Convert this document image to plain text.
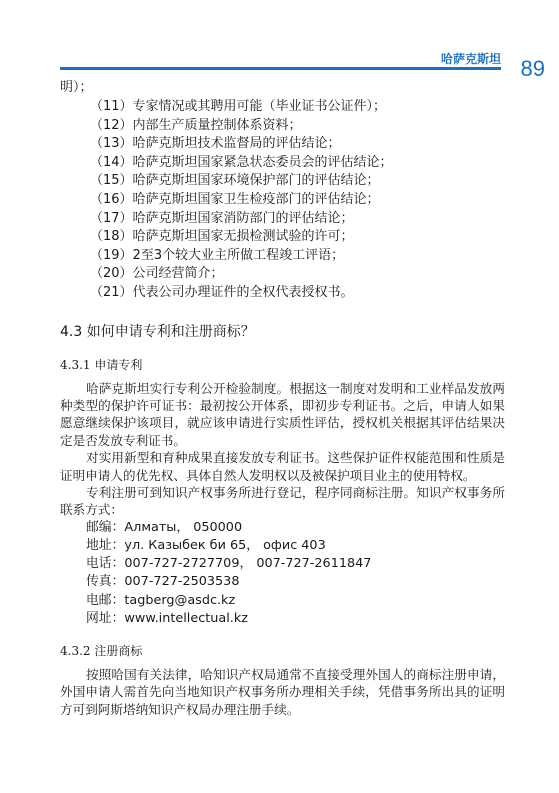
哈萨克斯坦 89

明）；

（11）专家情况或其聘用可能（毕业证书公证件）；
（12）内部生产质量控制体系资料；
（13）哈萨克斯坦技术监督局的评估结论；
（14）哈萨克斯坦国家紧急状态委员会的评估结论；
（15）哈萨克斯坦国家环境保护部门的评估结论；
（16）哈萨克斯坦国家卫生检疫部门的评估结论；
（17）哈萨克斯坦国家消防部门的评估结论；
（18）哈萨克斯坦国家无损检测试验的许可；
（19）2至3个较大业主所做工程竣工评语；
（20）公司经营简介；
（21）代表公司办理证件的全权代表授权书。
4.3 如何申请专利和注册商标？
4.3.1 申请专利

哈萨克斯坦实行专利公开检验制度。根据这一制度对发明和工业样品发放两种类型的保护许可证书：最初按公开体系，即初步专利证书。之后，申请人如果愿意继续保护该项目，就应该申请进行实质性评估，授权机关根据其评估结果决定是否发放专利证书。

对实用新型和育种成果直接发放专利证书。这些保护证件权能范围和性质是证明申请人的优先权、具体自然人发明权以及被保护项目业主的使用特权。

专利注册可到知识产权事务所进行登记，程序同商标注册。知识产权事务所联系方式：

邮编：Алматы， 050000
地址：ул. Казыбек би 65， офис 403
电话：007-727-2727709， 007-727-2611847
传真：007-727-2503538
电邮：tagberg@asdc.kz
网址：www.intellectual.kz
4.3.2 注册商标

按照哈国有关法律，哈知识产权局通常不直接受理外国人的商标注册申请，外国申请人需首先向当地知识产权事务所办理相关手续，凭借事务所出具的证明方可到阿斯塔纳知识产权局办理注册手续。
